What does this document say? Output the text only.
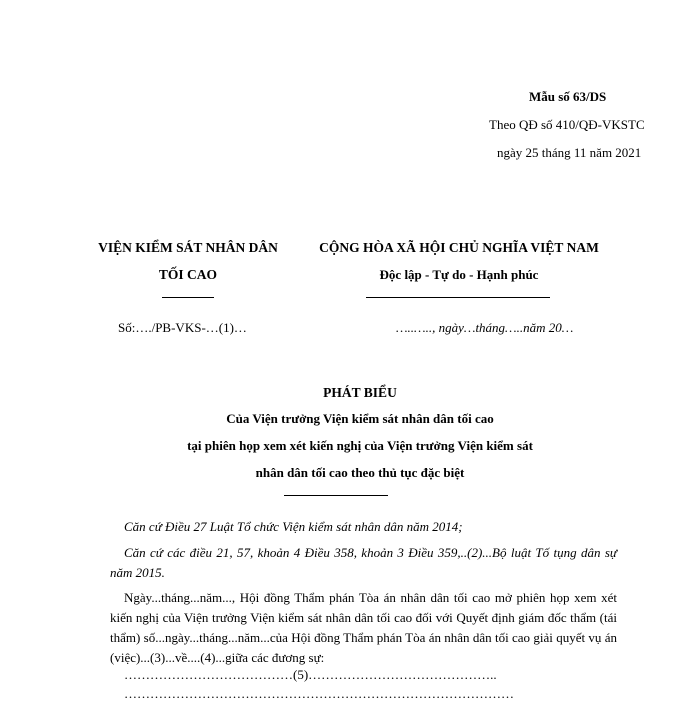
Mẫu số 63/DS

Theo QĐ số 410/QĐ-VKSTC

ngày 25 tháng 11 năm 2021

VIỆN KIỂM SÁT NHÂN DÂN

TỐI CAO

CỘNG HÒA XÃ HỘI CHỦ NGHĨA VIỆT NAM

Độc lập - Tự do - Hạnh phúc

Số:…./PB-VKS-…(1)…	…..….., ngày…tháng…..năm 20…

PHÁT BIỂU

Của Viện trưởng Viện kiểm sát nhân dân tối cao

tại phiên họp xem xét kiến nghị của Viện trưởng Viện kiểm sát

nhân dân tối cao theo thủ tục đặc biệt

Căn cứ Điều 27 Luật Tổ chức Viện kiểm sát nhân dân năm 2014;

Căn cứ các điều 21, 57, khoản 4 Điều 358, khoản 3 Điều 359,..(2)...Bộ luật Tố tụng dân sự năm 2015.

Ngày...tháng...năm..., Hội đồng Thẩm phán Tòa án nhân dân tối cao mở phiên họp xem xét kiến nghị của Viện trưởng Viện kiểm sát nhân dân tối cao đối với Quyết định giám đốc thẩm (tái thẩm) số...ngày...tháng...năm...của Hội đồng Thẩm phán Tòa án nhân dân tối cao giải quyết vụ án (việc)...(3)...về....(4)...giữa các đương sự:

…………………………………(5)……………………………………..

………………………………………………………………………………
